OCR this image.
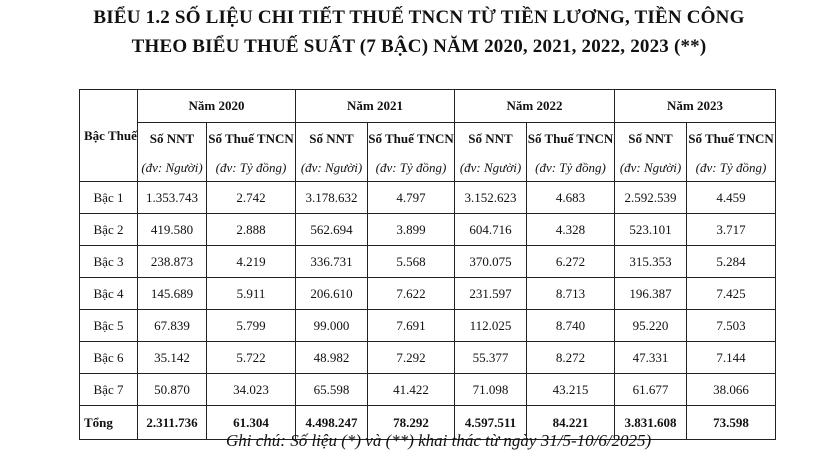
BIỂU 1.2 SỐ LIỆU CHI TIẾT THUẾ TNCN TỪ TIỀN LƯƠNG, TIỀN CÔNG
THEO BIỂU THUẾ SUẤT (7 BẬC) NĂM 2020, 2021, 2022, 2023 (**)
Bậc Thuế	Năm 2020		Năm 2021		Năm 2022		Năm 2023	
	Số NNT	Số Thuế TNCN	Số NNT	Số Thuế TNCN	Số NNT	Số Thuế TNCN	Số NNT	Số Thuế TNCN
	(đv: Người)	(đv: Tỷ đồng)	(đv: Người)	(đv: Tỷ đồng)	(đv: Người)	(đv: Tỷ đồng)	(đv: Người)	(đv: Tỷ đồng)
Bậc 1	1.353.743	2.742	3.178.632	4.797	3.152.623	4.683	2.592.539	4.459
Bậc 2	419.580	2.888	562.694	3.899	604.716	4.328	523.101	3.717
Bậc 3	238.873	4.219	336.731	5.568	370.075	6.272	315.353	5.284
Bậc 4	145.689	5.911	206.610	7.622	231.597	8.713	196.387	7.425
Bậc 5	67.839	5.799	99.000	7.691	112.025	8.740	95.220	7.503
Bậc 6	35.142	5.722	48.982	7.292	55.377	8.272	47.331	7.144
Bậc 7	50.870	34.023	65.598	41.422	71.098	43.215	61.677	38.066
Tổng	2.311.736	61.304	4.498.247	78.292	4.597.511	84.221	3.831.608	73.598
Ghi chú: Số liệu (*) và (**) khai thác từ ngày 31/5-10/6/2025)
